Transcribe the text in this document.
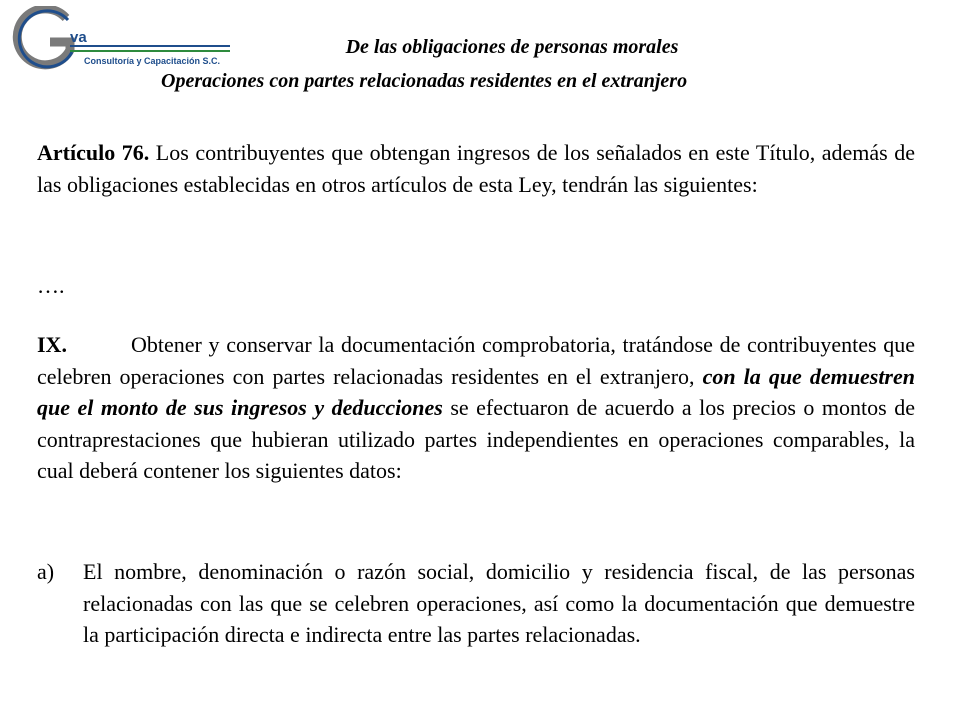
va
Consultoría y Capacitación S.C.
De las obligaciones de personas morales
Operaciones con partes relacionadas residentes en el extranjero
Artículo 76. Los contribuyentes que obtengan ingresos de los señalados en este Título, además de las obligaciones establecidas en otros artículos de esta Ley, tendrán las siguientes:
….
IX.	Obtener y conservar la documentación comprobatoria, tratándose de contribuyentes que celebren operaciones con partes relacionadas residentes en el extranjero, con la que demuestren que el monto de sus ingresos y deducciones se efectuaron de acuerdo a los precios o montos de contraprestaciones que hubieran utilizado partes independientes en operaciones comparables, la cual deberá contener los siguientes datos:
a)	El nombre, denominación o razón social, domicilio y residencia fiscal, de las personas relacionadas con las que se celebren operaciones, así como la documentación que demuestre la participación directa e indirecta entre las partes relacionadas.
